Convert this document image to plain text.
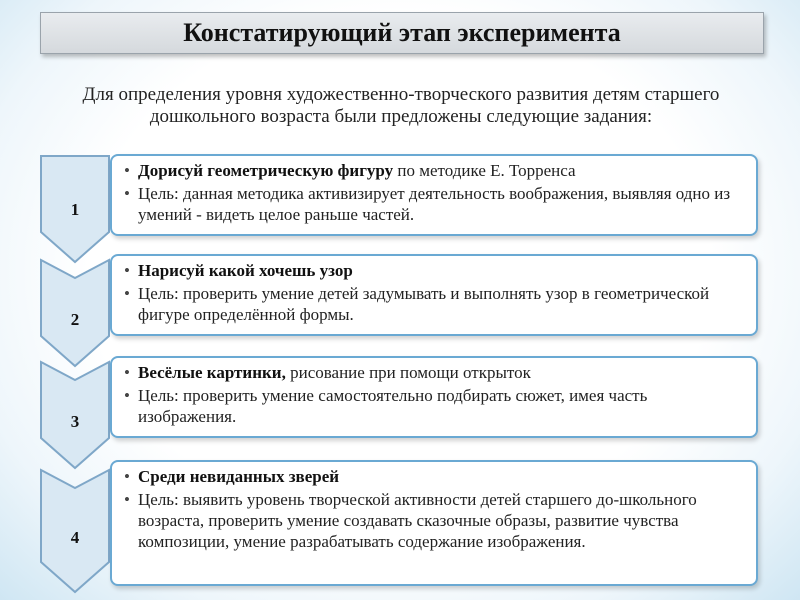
Констатирующий этап эксперимента
Для определения уровня художественно-творческого развития детям старшего дошкольного возраста были предложены следующие задания:
1
• Дорисуй геометрическую фигуру по методике Е. Торренса
• Цель: данная методика активизирует деятельность воображения, выявляя одно из умений - видеть целое раньше частей.
2
• Нарисуй какой хочешь узор
• Цель: проверить умение детей задумывать и выполнять узор в геометрической фигуре определённой формы.
3
• Весёлые картинки, рисование при помощи открыток
• Цель: проверить умение самостоятельно подбирать сюжет, имея часть изображения.
4
• Среди невиданных зверей
• Цель: выявить уровень творческой активности детей старшего до-школьного возраста, проверить умение создавать сказочные образы, развитие чувства композиции, умение разрабатывать содержание изображения.
